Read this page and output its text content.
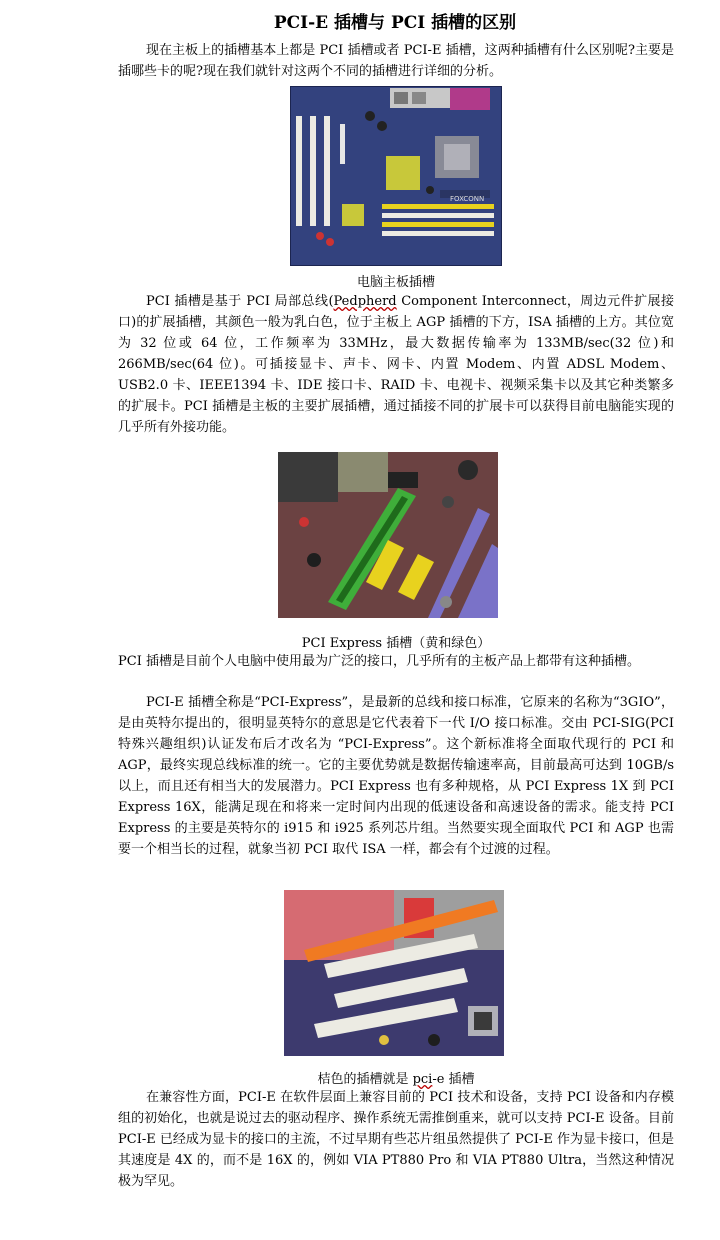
PCI-E 插槽与 PCI 插槽的区别

现在主板上的插槽基本上都是 PCI 插槽或者 PCI-E 插槽，这两种插槽有什么区别呢?主要是插哪些卡的呢?现在我们就针对这两个不同的插槽进行详细的分析。

FOXCONN
电脑主板插槽

PCI 插槽是基于 PCI 局部总线(Pedpherd Component Interconnect，周边元件扩展接口)的扩展插槽，其颜色一般为乳白色，位于主板上 AGP 插槽的下方，ISA 插槽的上方。其位宽为 32 位或 64 位，工作频率为 33MHz，最大数据传输率为 133MB/sec(32 位)和 266MB/sec(64 位)。可插接显卡、声卡、网卡、内置 Modem、内置 ADSL Modem、USB2.0 卡、IEEE1394 卡、IDE 接口卡、RAID 卡、电视卡、视频采集卡以及其它种类繁多的扩展卡。PCI 插槽是主板的主要扩展插槽，通过插接不同的扩展卡可以获得目前电脑能实现的几乎所有外接功能。

PCI Express 插槽（黄和绿色）

PCI 插槽是目前个人电脑中使用最为广泛的接口，几乎所有的主板产品上都带有这种插槽。

PCI-E 插槽全称是“PCI-Express”，是最新的总线和接口标准，它原来的名称为“3GIO”，是由英特尔提出的，很明显英特尔的意思是它代表着下一代 I/O 接口标准。交由 PCI-SIG(PCI 特殊兴趣组织)认证发布后才改名为 “PCI-Express”。这个新标准将全面取代现行的 PCI 和 AGP，最终实现总线标准的统一。它的主要优势就是数据传输速率高，目前最高可达到 10GB/s 以上，而且还有相当大的发展潜力。PCI Express 也有多种规格，从 PCI Express 1X 到 PCI Express 16X，能满足现在和将来一定时间内出现的低速设备和高速设备的需求。能支持 PCI Express 的主要是英特尔的 i915 和 i925 系列芯片组。当然要实现全面取代 PCI 和 AGP 也需要一个相当长的过程，就象当初 PCI 取代 ISA 一样，都会有个过渡的过程。

桔色的插槽就是 pci-e 插槽

在兼容性方面，PCI-E 在软件层面上兼容目前的 PCI 技术和设备，支持 PCI 设备和内存模组的初始化，也就是说过去的驱动程序、操作系统无需推倒重来，就可以支持 PCI-E 设备。目前 PCI-E 已经成为显卡的接口的主流，不过早期有些芯片组虽然提供了 PCI-E 作为显卡接口，但是其速度是 4X 的，而不是 16X 的，例如 VIA PT880 Pro 和 VIA PT880 Ultra，当然这种情况极为罕见。
